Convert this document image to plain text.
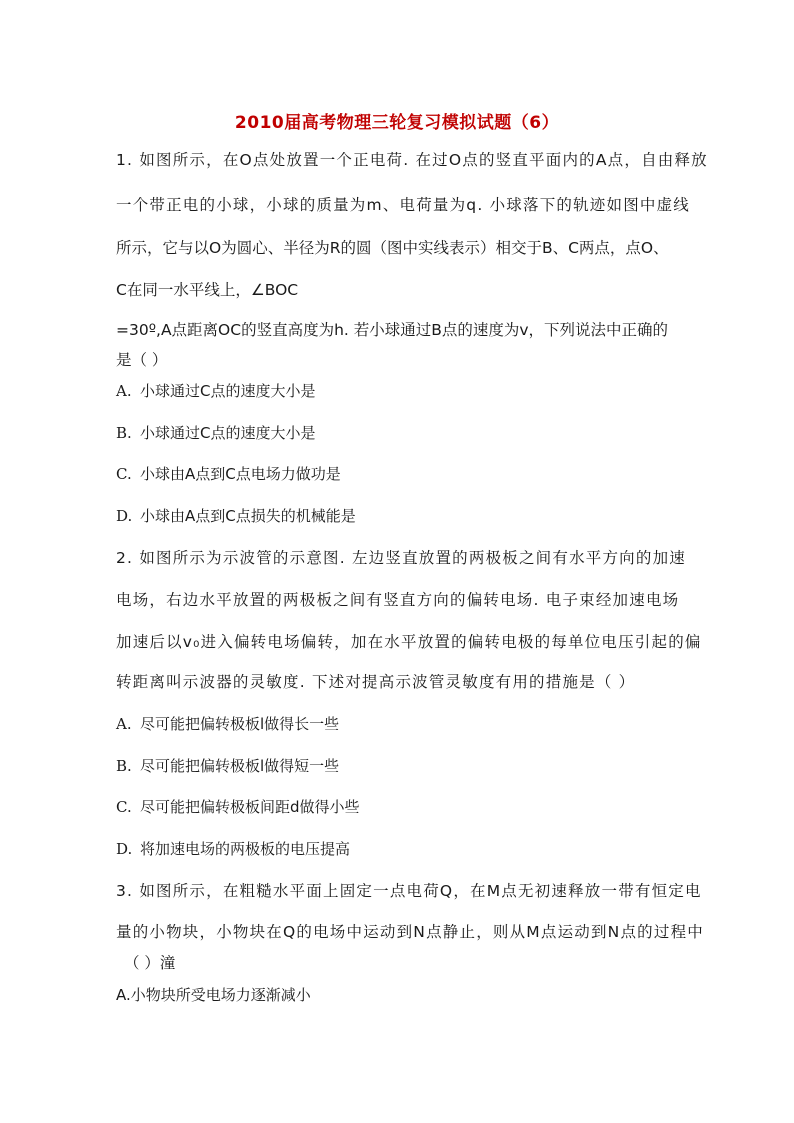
2010届高考物理三轮复习模拟试题（6）
1. 如图所示，在O点处放置一个正电荷. 在过O点的竖直平面内的A点，自由释放
一个带正电的小球，小球的质量为m、电荷量为q. 小球落下的轨迹如图中虚线
所示，它与以O为圆心、半径为R的圆（图中实线表示）相交于B、C两点，点O、
C在同一水平线上，∠BOC
=30º,A点距离OC的竖直高度为h. 若小球通过B点的速度为v，下列说法中正确的
是（ ）
A. 小球通过C点的速度大小是
B. 小球通过C点的速度大小是
C. 小球由A点到C点电场力做功是
D. 小球由A点到C点损失的机械能是
2. 如图所示为示波管的示意图. 左边竖直放置的两极板之间有水平方向的加速
电场，右边水平放置的两极板之间有竖直方向的偏转电场. 电子束经加速电场
加速后以v₀进入偏转电场偏转，加在水平放置的偏转电极的每单位电压引起的偏
转距离叫示波器的灵敏度. 下述对提高示波管灵敏度有用的措施是（ ）
A. 尽可能把偏转极板l做得长一些
B. 尽可能把偏转极板l做得短一些
C. 尽可能把偏转极板间距d做得小些
D. 将加速电场的两极板的电压提高
3. 如图所示，在粗糙水平面上固定一点电荷Q，在M点无初速释放一带有恒定电
量的小物块，小物块在Q的电场中运动到N点静止，则从M点运动到N点的过程中
（ ）潼
A.小物块所受电场力逐渐减小
